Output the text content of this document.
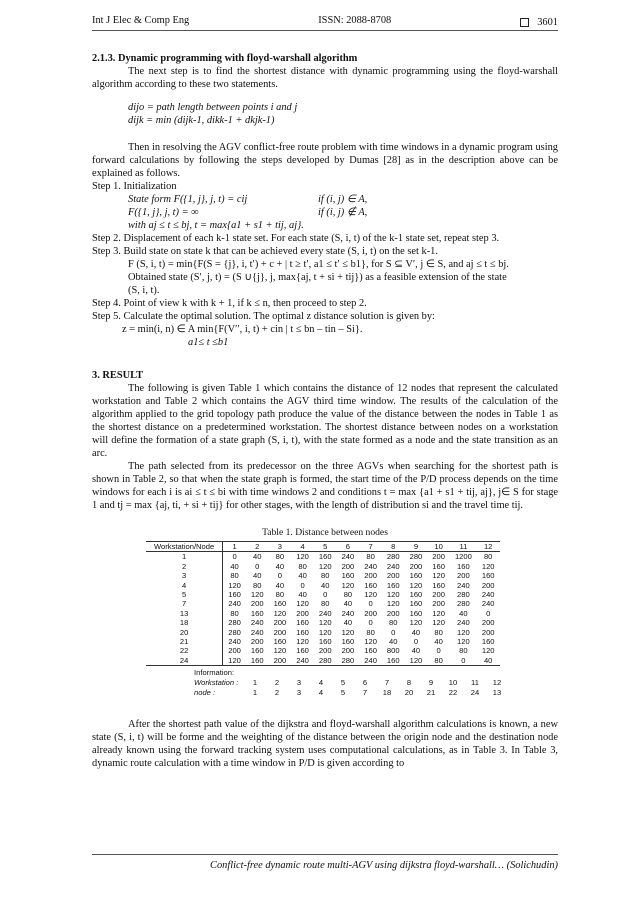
Int J Elec & Comp Eng	ISSN: 2088-8708	3601

2.1.3. Dynamic programming with floyd-warshall algorithm

The next step is to find the shortest distance with dynamic programming using the floyd-warshall algorithm according to these two statements.

dijo = path length between points i and j

dijk = min (dijk-1, dikk-1 + dkjk-1)

Then in resolving the AGV conflict-free route problem with time windows in a dynamic program using forward calculations by following the steps developed by Dumas [28] as in the description above can be explained as follows.

Step 1. Initialization

State form F({1, j}, j, t) = cij	if (i, j) ∈ A,
F({1, j}, j, t) = ∞	if (i, j) ∉ A,

with aj ≤ t ≤ bj, t = max{a1 + s1 + tij, aj}.

Step 2. Displacement of each k-1 state set. For each state (S, i, t) of the k-1 state set, repeat step 3.

Step 3. Build state on state k that can be achieved every state (S, i, t) on the set k-1.

F (S, i, t) = min{F(S = {j}, i, t′) + c + | t ≥ t′, a1 ≤ t′ ≤ b1}, for S ⊆ V′, j ∈ S, and aj ≤ t ≤ bj.

Obtained state (S′, j, t) = (S ∪{j}, j, max{aj, t + si + tij}) as a feasible extension of the state

(S, i, t).

Step 4. Point of view k with k + 1, if k ≤ n, then proceed to step 2.

Step 5. Calculate the optimal solution. The optimal z distance solution is given by:

z = min(i, n) ∈ A min{F(V′′, i, t) + cin | t ≤ bn – tin – Si}.

a1≤ t ≤b1

3. RESULT

The following is given Table 1 which contains the distance of 12 nodes that represent the calculated workstation and Table 2 which contains the AGV third time window. The results of the calculation of the algorithm applied to the grid topology path produce the value of the distance between the nodes in Table 1 as the shortest distance on a predetermined workstation. The shortest distance between nodes on a workstation will define the formation of a state graph (S, i, t), with the state formed as a node and the state transition as an arc.

The path selected from its predecessor on the three AGVs when searching for the shortest path is shown in Table 2, so that when the state graph is formed, the start time of the P/D process depends on the time windows for each i is ai ≤ t ≤ bi with time windows 2 and conditions t = max {a1 + s1 + tij, aj}, j∈ S for stage 1 and tj = max {aj, ti, + si + tij} for other stages, with the length of distribution si and the travel time tij.

Table 1. Distance between nodes
Workstation/Node	1	2	3	4	5	6	7	8	9	10	11	12
1	0	40	80	120	160	240	80	280	280	200	1200	80
2	40	0	40	80	120	200	240	240	200	160	160	120
3	80	40	0	40	80	160	200	200	160	120	200	160
4	120	80	40	0	40	120	160	160	120	160	240	200
5	160	120	80	40	0	80	120	120	160	200	280	240
7	240	200	160	120	80	40	0	120	160	200	280	240
13	80	160	120	200	240	240	200	200	160	120	40	0
18	280	240	200	160	120	40	0	80	120	120	240	200
20	280	240	200	160	120	120	80	0	40	80	120	200
21	240	200	160	120	160	160	120	40	0	40	120	160
22	200	160	120	160	200	200	160	800	40	0	80	120
24	120	160	200	240	280	280	240	160	120	80	0	40
Information:
Workstation :	1	2	3	4	5	6	7	8	9	10	11	12
node :	1	2	3	4	5	7	18	20	21	22	24	13

After the shortest path value of the dijkstra and floyd-warshall algorithm calculations is known, a new state (S, i, t) will be forme and the weighting of the distance between the origin node and the destination node already known using the forward tracking system uses computational calculations, as in Table 3. In Table 3, dynamic route calculation with a time window in P/D is given according to

Conflict-free dynamic route multi-AGV using dijkstra floyd-warshall… (Solichudin)
